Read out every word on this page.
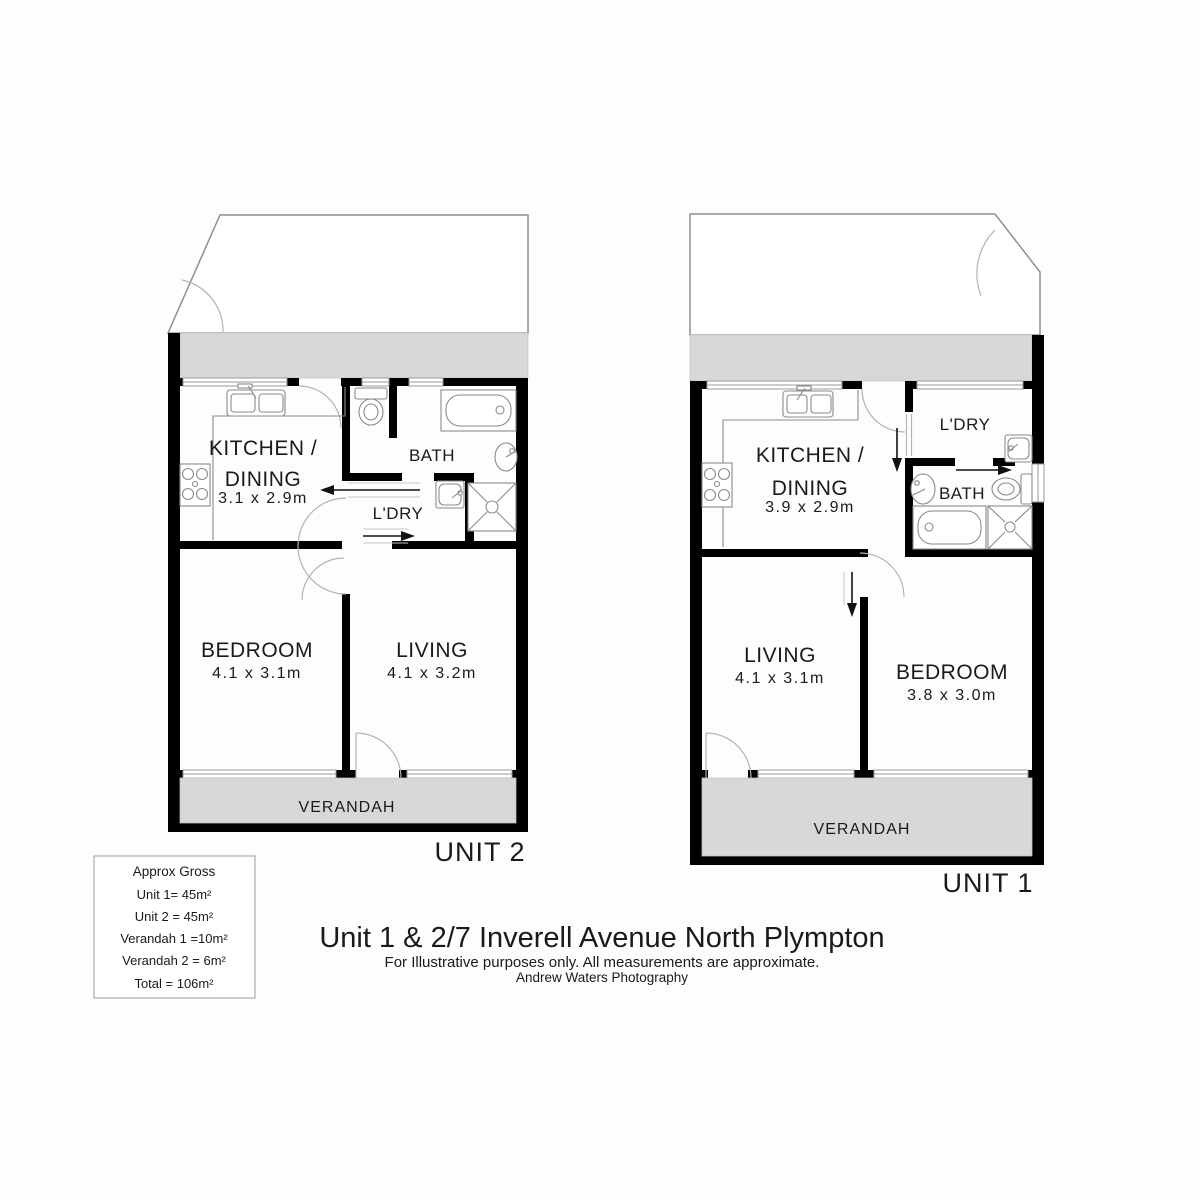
KITCHEN /
DINING
3.1 x 2.9m
BATH
L'DRY
BEDROOM
4.1 x 3.1m
LIVING
4.1 x 3.2m
VERANDAH
UNIT 2
KITCHEN /
DINING
3.9 x 2.9m
L'DRY
BATH
LIVING
4.1 x 3.1m	BEDROOM
3.8 x 3.0m
VERANDAH
UNIT 1
Approx Gross
Unit 1= 45m²
Unit 2 = 45m²
Verandah 1 =10m²
Verandah 2 = 6m²
Total = 106m²
Unit 1 & 2/7 Inverell Avenue North Plympton
For Illustrative purposes only. All measurements are approximate.
Andrew Waters Photography
